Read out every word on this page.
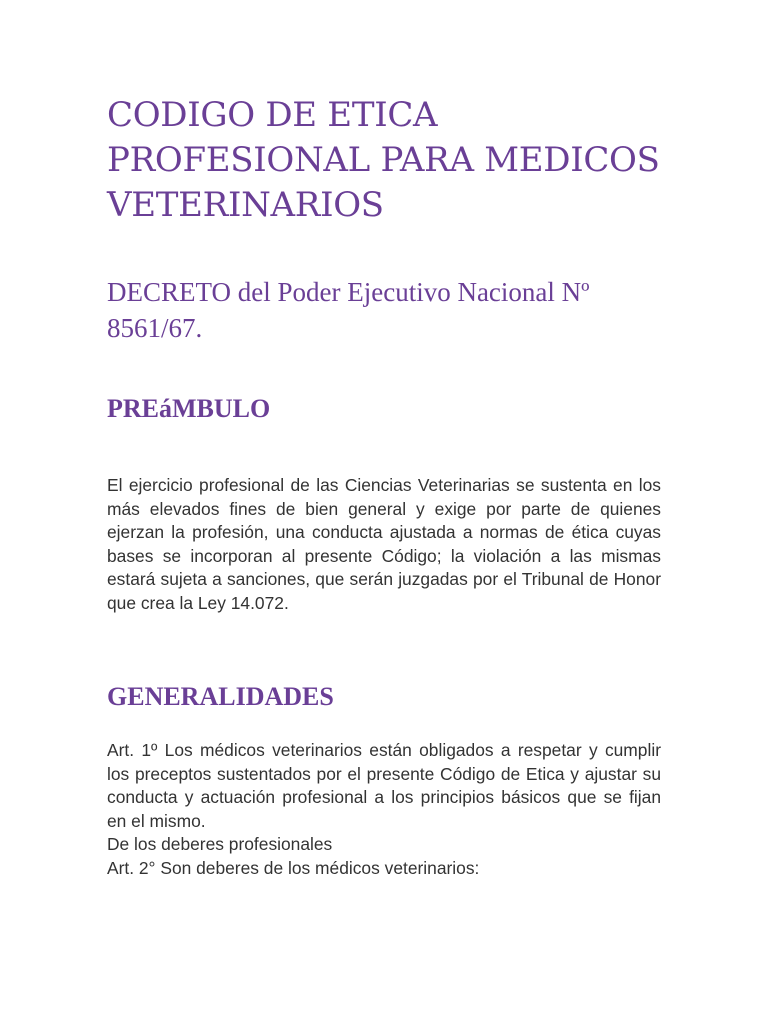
CODIGO DE ETICA PROFESIONAL PARA MEDICOS VETERINARIOS

DECRETO del Poder Ejecutivo Nacional Nº 8561/67.

PREáMBULO

El ejercicio profesional de las Ciencias Veterinarias se sustenta en los más elevados fines de bien general y exige por parte de quienes ejerzan la profesión, una conducta ajustada a normas de ética cuyas bases se incorporan al presente Código; la violación a las mismas estará sujeta a sanciones, que serán juzgadas por el Tribunal de Honor que crea la Ley 14.072.

GENERALIDADES

Art. 1º Los médicos veterinarios están obligados a respetar y cumplir los preceptos sustentados por el presente Código de Etica y ajustar su conducta y actuación profesional a los principios básicos que se fijan en el mismo.

De los deberes profesionales
Art. 2° Son deberes de los médicos veterinarios:
